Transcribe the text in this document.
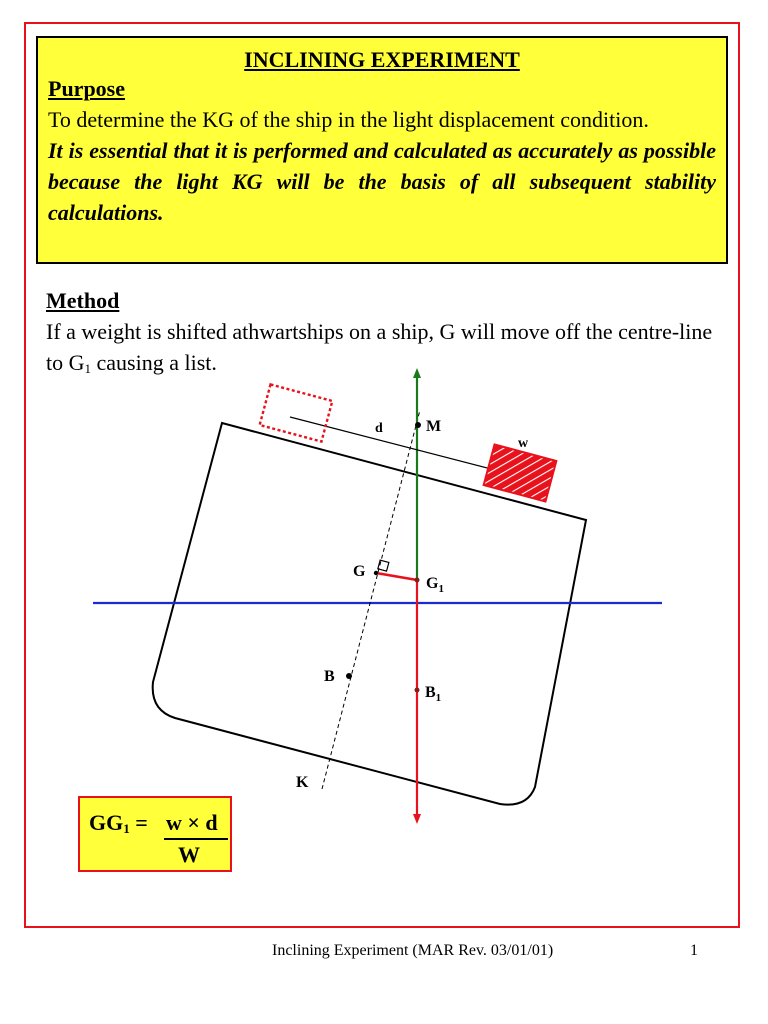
INCLINING EXPERIMENT

Purpose

To determine the KG of the ship in the light displacement condition.

It is essential that it is performed and calculated as accurately as possible because the light KG will be the basis of all subsequent stability calculations.

Method

If a weight is shifted athwartships on a ship, G will move off the centre-line to $G_1$ causing a list.

M
d
w
G
$G_1$
B
$B_1$
K
$GG_1 = w \times d$
W
Inclining Experiment (MAR Rev. 03/01/01)	1
